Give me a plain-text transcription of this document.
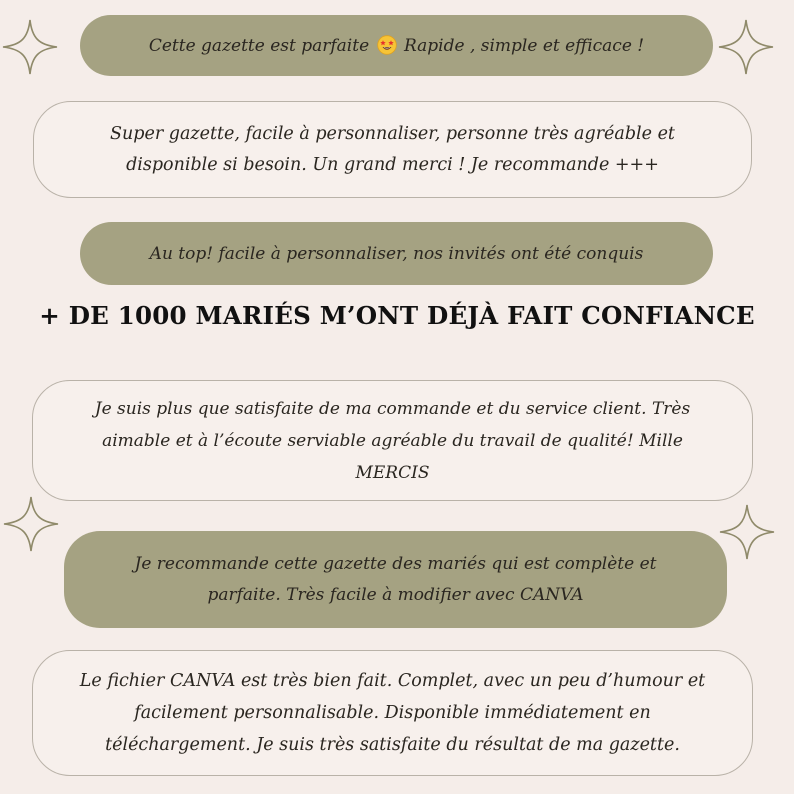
Cette gazette est parfaite
Rapide , simple et efficace !

Super gazette, facile à personnaliser, personne très agréable et
disponible si besoin. Un grand merci ! Je recommande +++

Au top! facile à personnaliser, nos invités ont été conquis

+ DE 1000 MARIÉS M’ONT DÉJÀ FAIT CONFIANCE

Je suis plus que satisfaite de ma commande et du service client. Très
aimable et à l’écoute serviable agréable du travail de qualité! Mille
MERCIS

Je recommande cette gazette des mariés qui est complète et
parfaite. Très facile à modifier avec CANVA

Le fichier CANVA est très bien fait. Complet, avec un peu d’humour et
facilement personnalisable. Disponible immédiatement en
téléchargement. Je suis très satisfaite du résultat de ma gazette.
